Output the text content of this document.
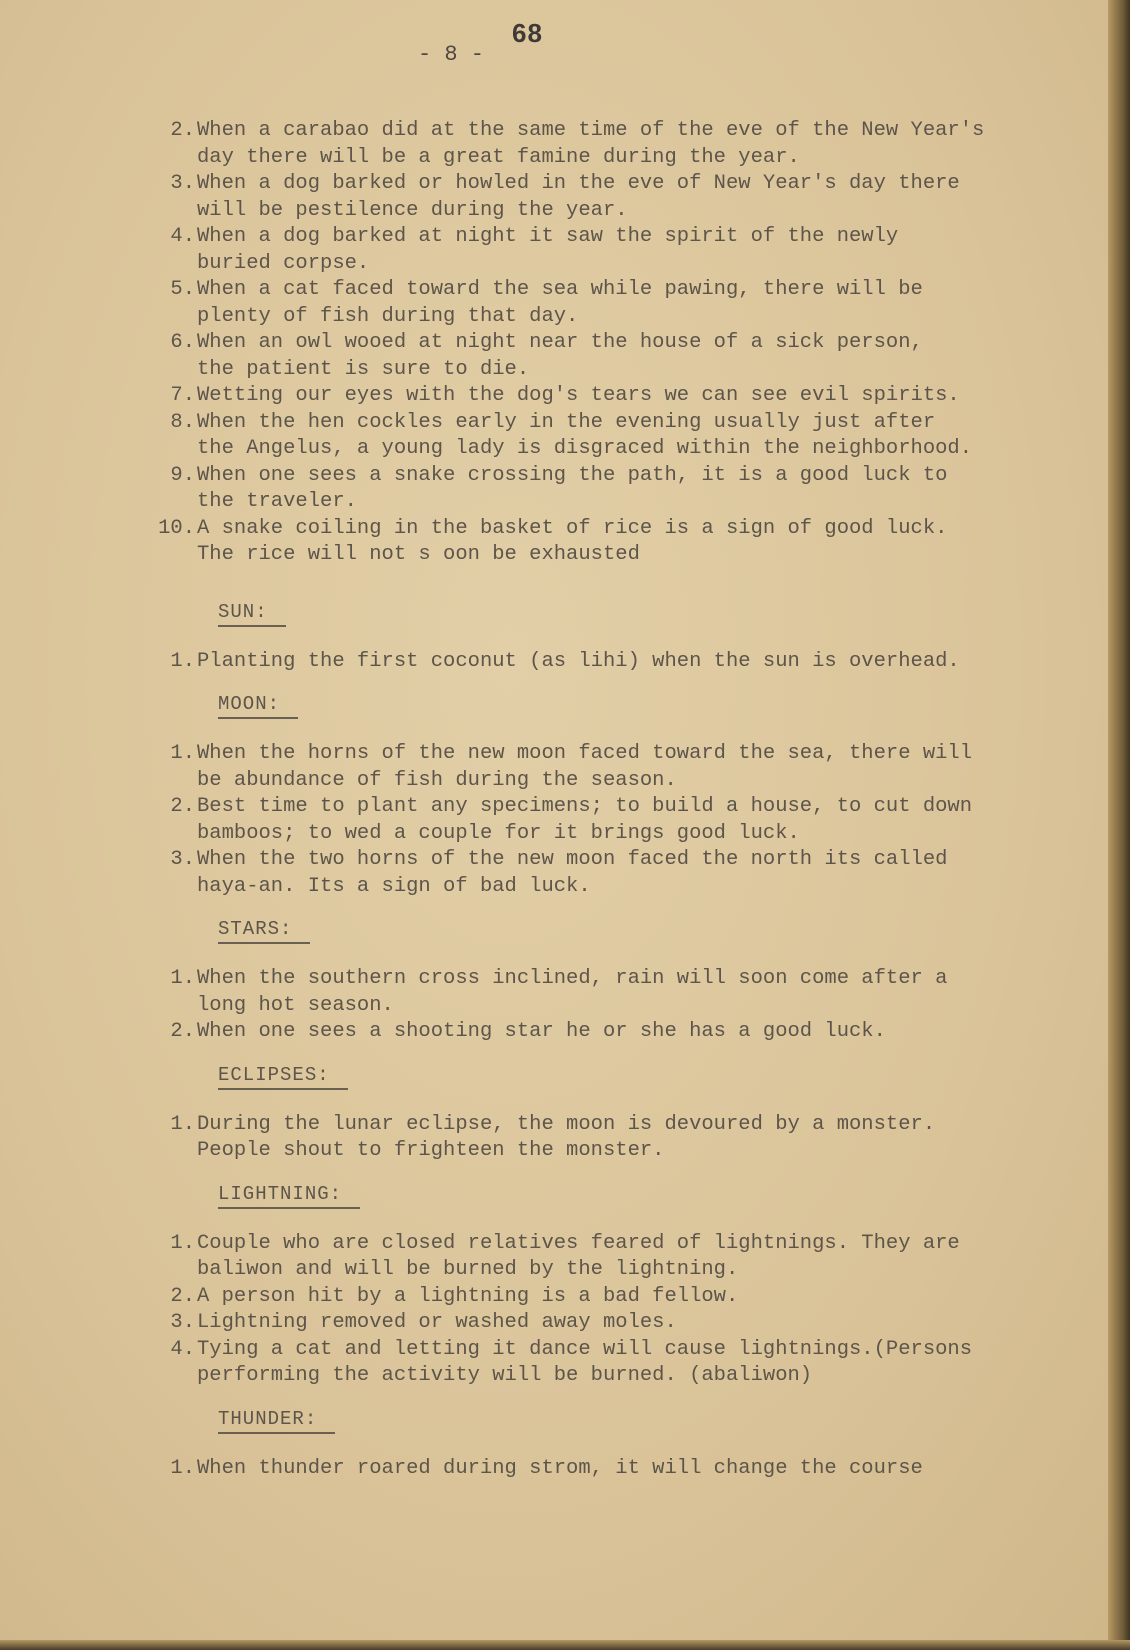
68
- 8 -
2. When a carabao did at the same time of the eve of the New Year's
day there will be a great famine during the year.
3. When a dog barked or howled in the eve of New Year's day there
will be pestilence during the year.
4. When a dog barked at night it saw the spirit of the newly
buried corpse.
5. When a cat faced toward the sea while pawing, there will be
plenty of fish during that day.
6. When an owl wooed at night near the house of a sick person,
the patient is sure to die.
7. Wetting our eyes with the dog's tears we can see evil spirits.
8. When the hen cockles early in the evening usually just after
the Angelus, a young lady is disgraced within the neighborhood.
9. When one sees a snake crossing the path, it is a good luck to
the traveler.
10. A snake coiling in the basket of rice is a sign of good luck.
The rice will not s oon be exhausted
SUN:
1. Planting the first coconut (as lihi) when the sun is overhead.
MOON:
1. When the horns of the new moon faced toward the sea, there will
be abundance of fish during the season.
2. Best time to plant any specimens; to build a house, to cut down
bamboos; to wed a couple for it brings good luck.
3. When the two horns of the new moon faced the north its called
haya-an. Its a sign of bad luck.
STARS:
1. When the southern cross inclined, rain will soon come after a
long hot season.
2. When one sees a shooting star he or she has a good luck.
ECLIPSES:
1. During the lunar eclipse, the moon is devoured by a monster.
People shout to frighteen the monster.
LIGHTNING:
1. Couple who are closed relatives feared of lightnings. They are
baliwon and will be burned by the lightning.
2. A person hit by a lightning is a bad fellow.
3. Lightning removed or washed away moles.
4. Tying a cat and letting it dance will cause lightnings.(Persons
performing the activity will be burned. (abaliwon)
THUNDER:
1. When thunder roared during strom, it will change the course
